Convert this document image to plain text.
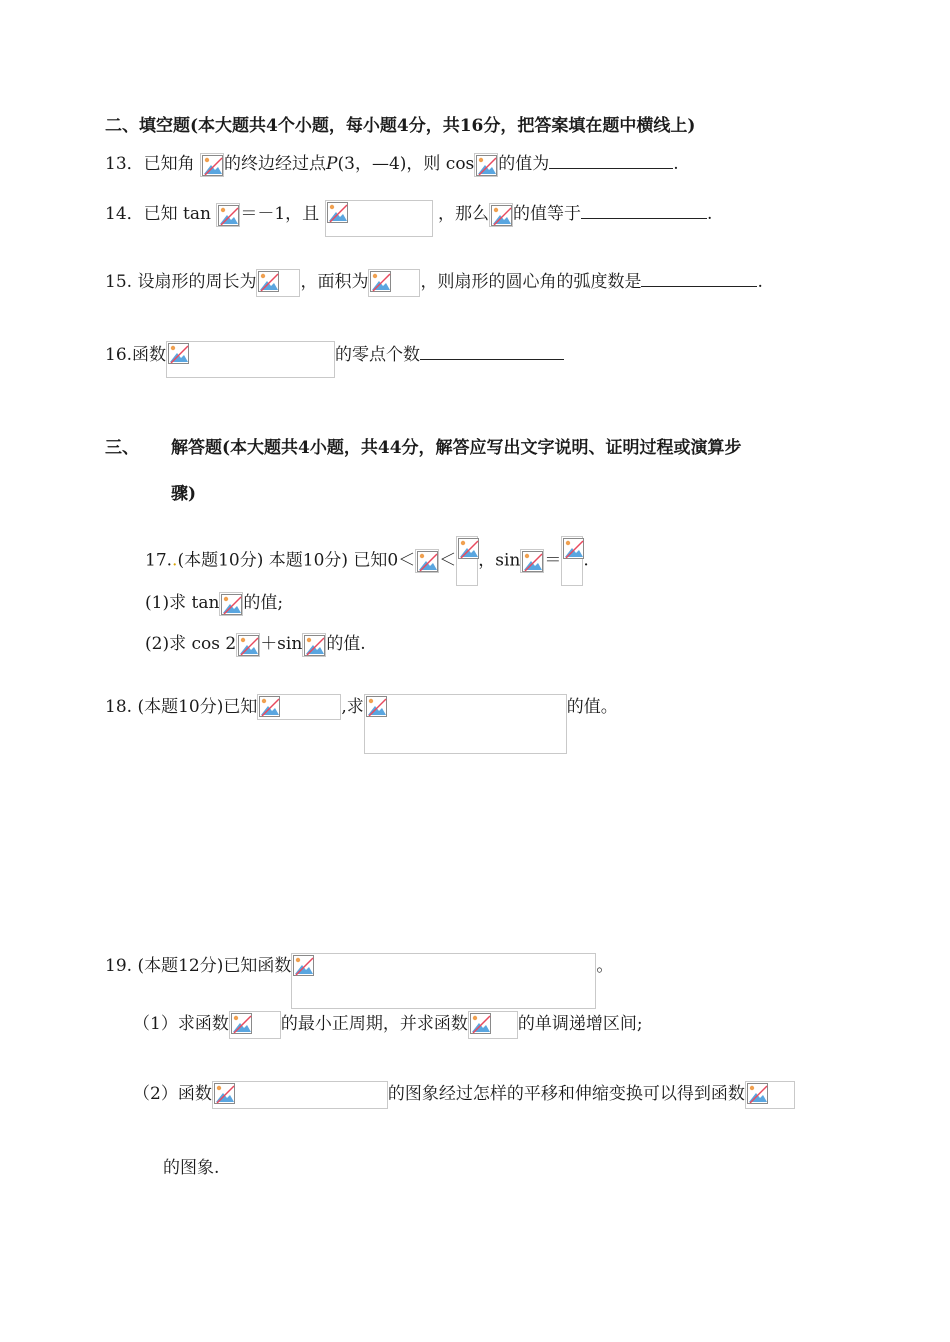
二、填空题(本大题共4个小题，每小题4分，共16分，把答案填在题中横线上)
13．已知角 的终边经过点P(3，—4)，则 cos 的值为	.
14．已知 tan ＝－1，且	，那么 的值等于	.
15. 设扇形的周长为	，面积为	，则扇形的圆心角的弧度数是	.
16.函数	的零点个数
三、 解答题(本大题共4小题，共44分，解答应写出文字说明、证明过程或演算步
骤)
17..(本题10分) 本题10分) 已知0＜ ＜ ，sin ＝ .
(1)求 tan 的值;
(2)求 cos 2 ＋sin 的值.
18. (本题10分)已知	,求	的值。
19. (本题12分)已知函数	。
（1）求函数	的最小正周期，并求函数	的单调递增区间;
（2）函数	的图象经过怎样的平移和伸缩变换可以得到函数
的图象.
